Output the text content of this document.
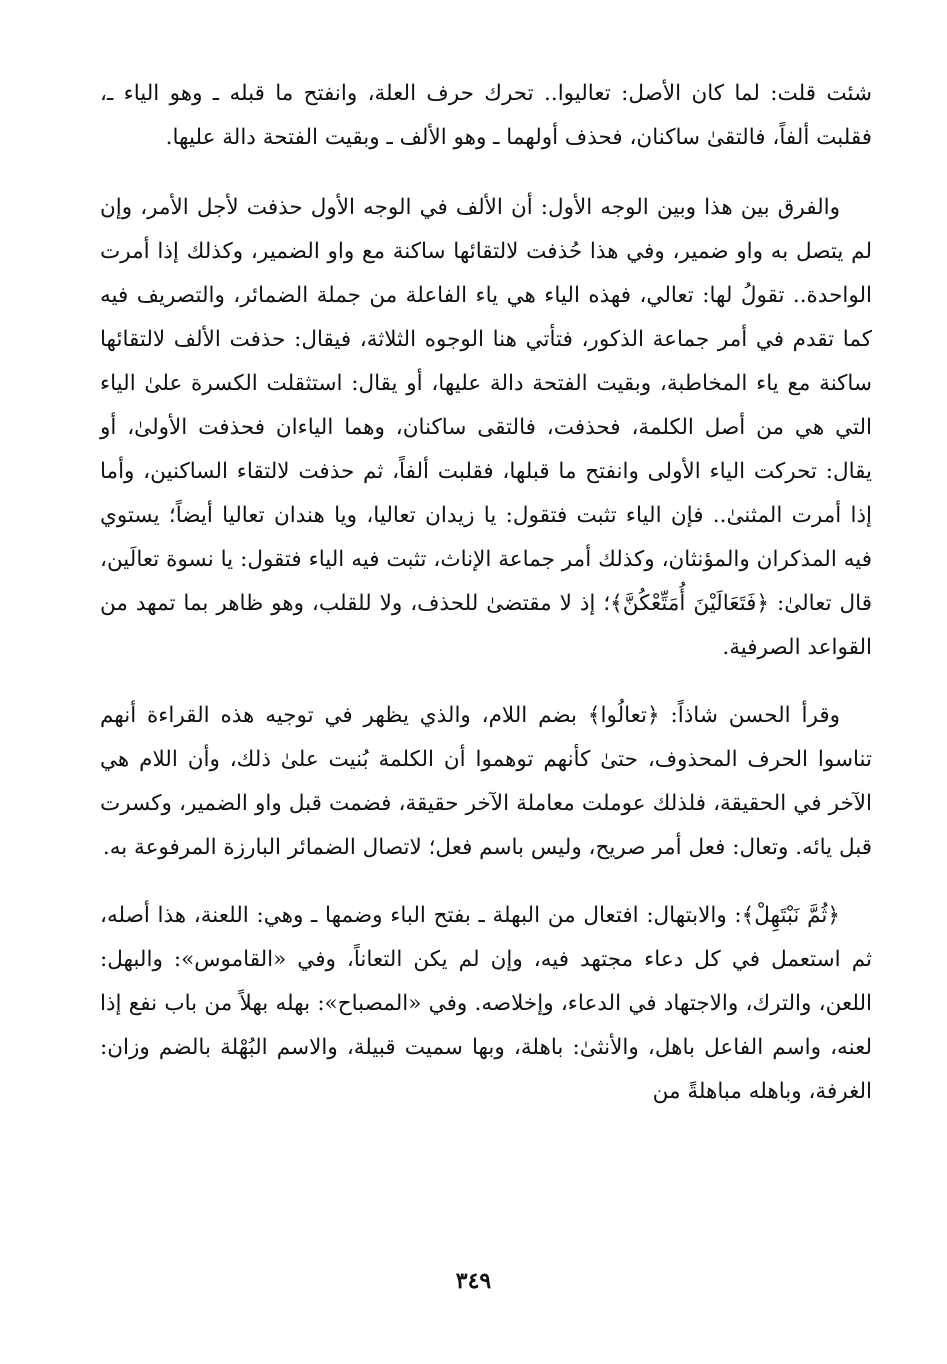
شئت قلت: لما كان الأصل: تعاليوا.. تحرك حرف العلة، وانفتح ما قبله ـ وهو الياء ـ، فقلبت ألفاً، فالتقىٰ ساكنان، فحذف أولهما ـ وهو الألف ـ وبقيت الفتحة دالة عليها.

والفرق بين هذا وبين الوجه الأول: أن الألف في الوجه الأول حذفت لأجل الأمر، وإن لم يتصل به واو ضمير، وفي هذا حُذفت لالتقائها ساكنة مع واو الضمير، وكذلك إذا أمرت الواحدة.. تقولُ لها: تعالي، فهذه الياء هي ياء الفاعلة من جملة الضمائر، والتصريف فيه كما تقدم في أمر جماعة الذكور، فتأتي هنا الوجوه الثلاثة، فيقال: حذفت الألف لالتقائها ساكنة مع ياء المخاطبة، وبقيت الفتحة دالة عليها، أو يقال: استثقلت الكسرة علىٰ الياء التي هي من أصل الكلمة، فحذفت، فالتقى ساكنان، وهما الياءان فحذفت الأولىٰ، أو يقال: تحركت الياء الأولى وانفتح ما قبلها، فقلبت ألفاً، ثم حذفت لالتقاء الساكنين، وأما إذا أمرت المثنىٰ.. فإن الياء تثبت فتقول: يا زيدان تعاليا، ويا هندان تعاليا أيضاً؛ يستوي فيه المذكران والمؤنثان، وكذلك أمر جماعة الإناث، تثبت فيه الياء فتقول: يا نسوة تعالَين، قال تعالىٰ: ﴿فَتَعَالَيْنَ أُمَتِّعْكُنَّ﴾؛ إذ لا مقتضىٰ للحذف، ولا للقلب، وهو ظاهر بما تمهد من القواعد الصرفية.

وقرأ الحسن شاذاً: ﴿تعالُوا﴾ بضم اللام، والذي يظهر في توجيه هذه القراءة أنهم تناسوا الحرف المحذوف، حتىٰ كأنهم توهموا أن الكلمة بُنيت علىٰ ذلك، وأن اللام هي الآخر في الحقيقة، فلذلك عوملت معاملة الآخر حقيقة، فضمت قبل واو الضمير، وكسرت قبل يائه. وتعال: فعل أمر صريح، وليس باسم فعل؛ لاتصال الضمائر البارزة المرفوعة به.

﴿ثُمَّ نَبْتَهِلْ﴾: والابتهال: افتعال من البهلة ـ بفتح الباء وضمها ـ وهي: اللعنة، هذا أصله، ثم استعمل في كل دعاء مجتهد فيه، وإن لم يكن التعاناً، وفي «القاموس»: والبهل: اللعن، والترك، والاجتهاد في الدعاء، وإخلاصه. وفي «المصباح»: بهله بهلاً من باب نفع إذا لعنه، واسم الفاعل باهل، والأنثىٰ: باهلة، وبها سميت قبيلة، والاسم البُهْلة بالضم وزان: الغرفة، وباهله مباهلةً من

٣٤٩
